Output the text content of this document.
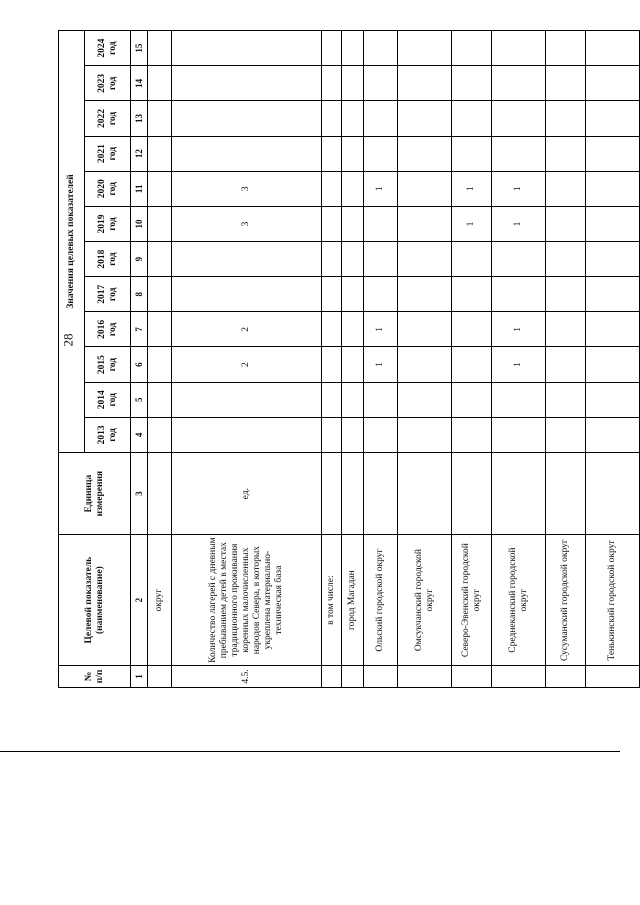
28
№ п/п	Целевой показатель (наименование)	Единица измерения	Значения целевых показателей											
			2013 год	2014 год	2015 год	2016 год	2017 год	2018 год	2019 год	2020 год	2021 год	2022 год	2023 год	2024 год
1	2	3	4	5	6	7	8	9	10	11	12	13	14	15
	округ													
4.5.	Количество лагерей с дневным пребыванием детей в местах традиционного проживания коренных малочисленных народов Севера, в которых укреплена материально-техническая база	ед.			2	2			3	3				
	в том числе:													
	город Магадан													
	Ольский городской округ				1	1				1				
	Омсукчанский городской округ													
	Северо-Эвенский городской округ								1	1				
	Среднеканский городской округ				1	1			1	1				
	Сусуманский городской округ													
	Тенькинский городской округ													
